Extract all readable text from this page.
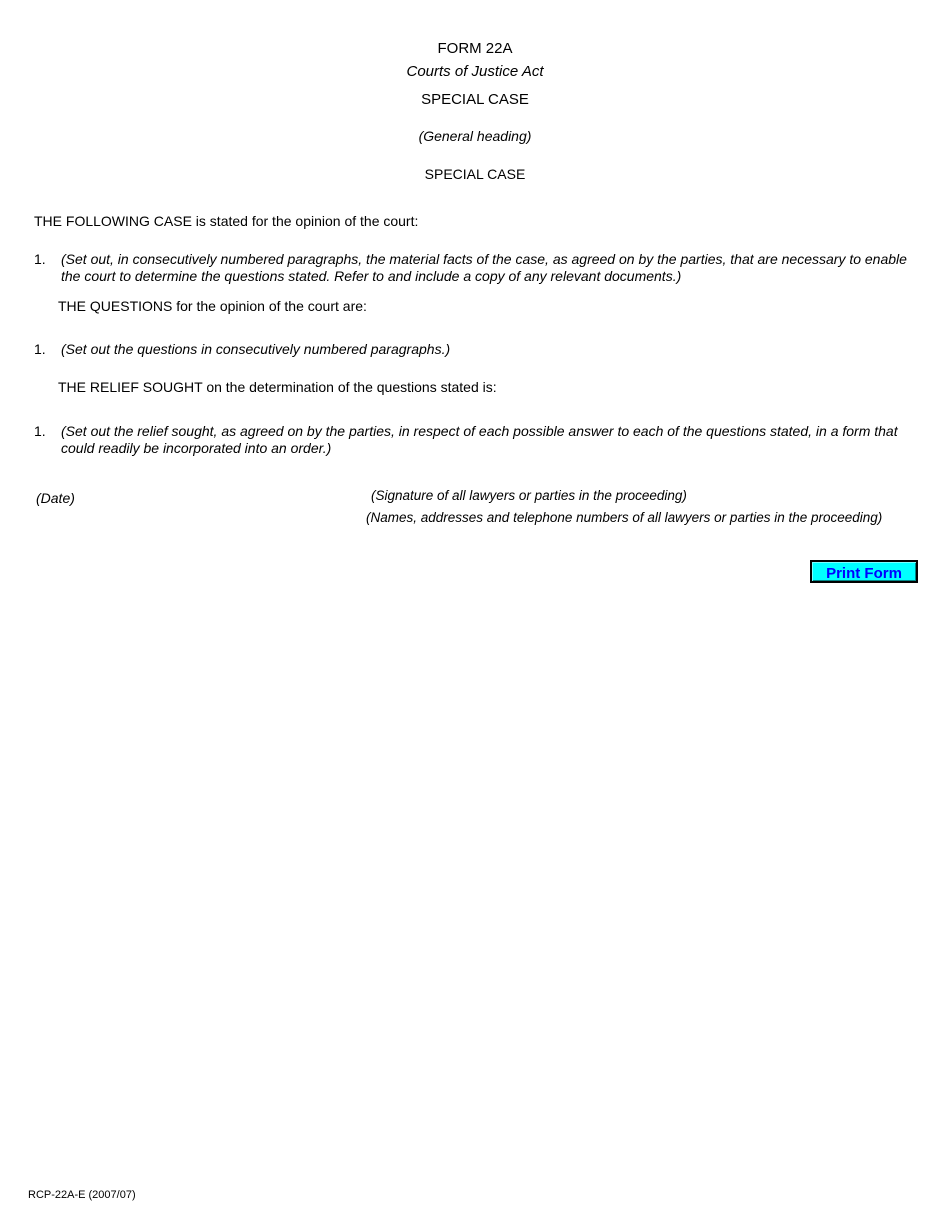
FORM 22A
Courts of Justice Act
SPECIAL CASE
(General heading)
SPECIAL CASE
THE FOLLOWING CASE is stated for the opinion of the court:
1. (Set out, in consecutively numbered paragraphs, the material facts of the case, as agreed on by the parties, that are necessary to enable the court to determine the questions stated. Refer to and include a copy of any relevant documents.)
THE QUESTIONS for the opinion of the court are:
1. (Set out the questions in consecutively numbered paragraphs.)
THE RELIEF SOUGHT on the determination of the questions stated is:
1. (Set out the relief sought, as agreed on by the parties, in respect of each possible answer to each of the questions stated, in a form that could readily be incorporated into an order.)
(Date)	(Signature of all lawyers or parties in the proceeding)
(Names, addresses and telephone numbers of all lawyers or parties in the proceeding)
Print Form
RCP-22A-E (2007/07)
